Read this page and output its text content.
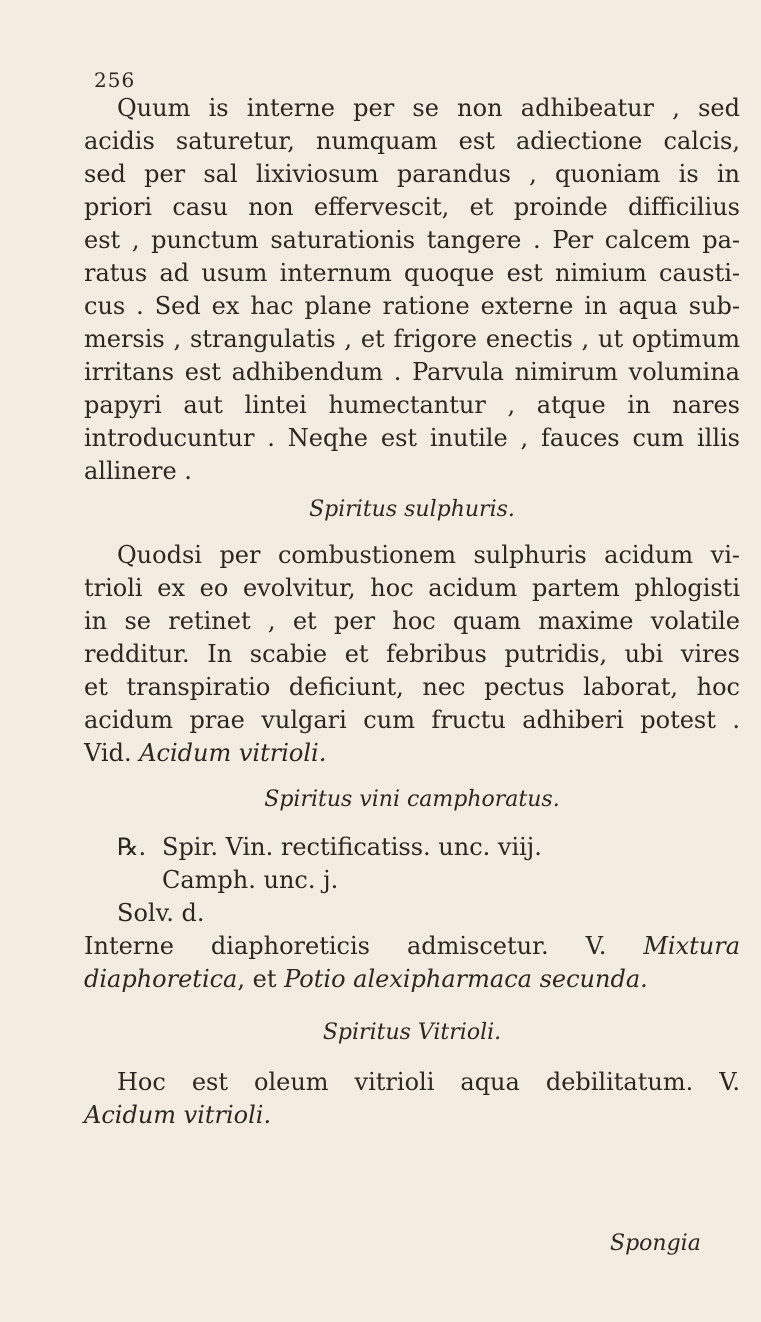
256
Quum is interne per se non adhibeatur , sed
acidis saturetur, numquam est adiectione calcis,
sed per sal lixiviosum parandus , quoniam is in
priori casu non effervescit, et proinde difficilius
est , punctum saturationis tangere . Per calcem pa-
ratus ad usum internum quoque est nimium causti-
cus . Sed ex hac plane ratione externe in aqua sub-
mersis , strangulatis , et frigore enectis , ut optimum
irritans est adhibendum . Parvula nimirum volumina
papyri aut lintei humectantur , atque in nares
introducuntur . Neqhe est inutile , fauces cum illis
allinere .
Spiritus sulphuris.
Quodsi per combustionem sulphuris acidum vi-
trioli ex eo evolvitur, hoc acidum partem phlogisti
in se retinet , et per hoc quam maxime volatile
redditur. In scabie et febribus putridis, ubi vires
et transpiratio deficiunt, nec pectus laborat, hoc
acidum prae vulgari cum fructu adhiberi potest .
Vid. Acidum vitrioli.
Spiritus vini camphoratus.
℞. Spir. Vin. rectificatiss. unc. viij.
Camph. unc. j.
Solv. d.
Interne diaphoreticis admiscetur. V. Mixtura
diaphoretica, et Potio alexipharmaca secunda.
Spiritus Vitrioli.
Hoc est oleum vitrioli aqua debilitatum. V.
Acidum vitrioli.
Spongia
